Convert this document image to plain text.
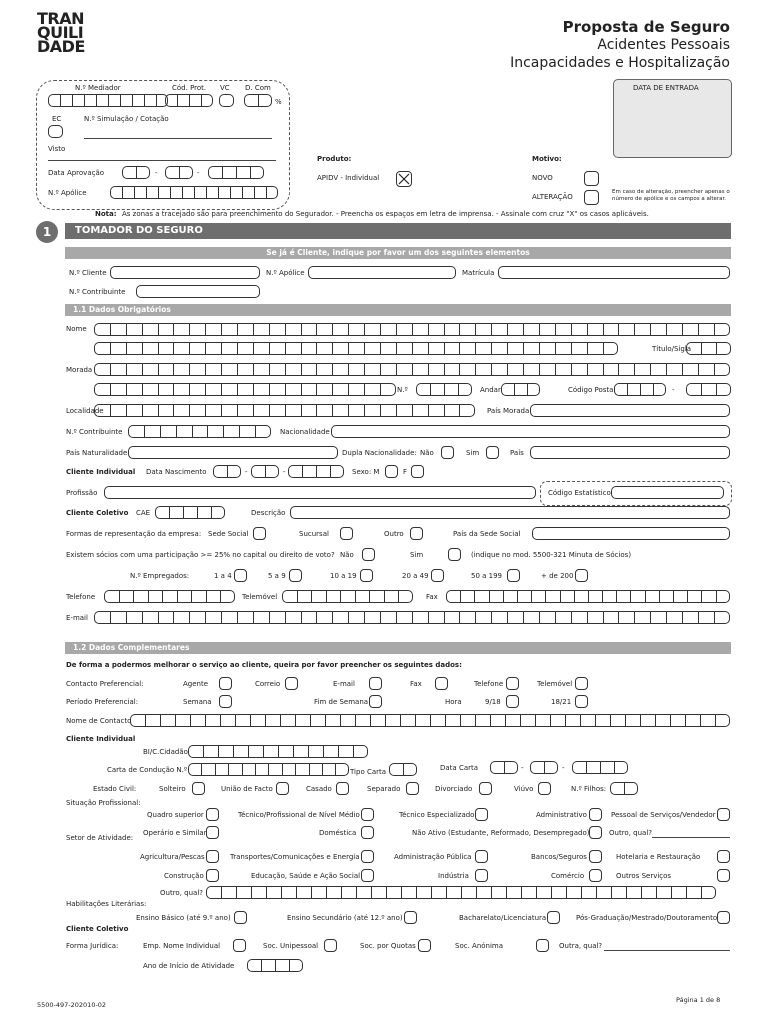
TRAN
QUILI
DADE
Proposta de Seguro
Acidentes Pessoais
Incapacidades e Hospitalização
N.º Mediador	Cód. Prot. VC D. Com
%
EC	N.º Simulação / Cotação
Visto
Data Aprovação	-	-
N.º Apólice
DATA DE ENTRADA
Produto:
APIDV - Individual
Motivo:
NOVO
ALTERAÇÃO
Em caso de alteração, preencher apenas o número de apólice e os campos a alterar.
Nota: As zonas a tracejado são para preenchimento do Segurador. - Preencha os espaços em letra de imprensa. - Assinale com cruz "X" os casos aplicáveis.
1	TOMADOR DO SEGURO
Se já é Cliente, indique por favor um dos seguintes elementos
N.º Cliente	N.º Apólice	Matrícula
N.º Contribuinte
1.1 Dados Obrigatórios
Nome
Título/Sigla
Morada
N.º	Andar	Código Postal	-
Localidade	País Morada
N.º Contribuinte	Nacionalidade
País Naturalidade	Dupla Nacionalidade: Não	Sim	País
Cliente Individual Data Nascimento	-	-	Sexo: M	F
Profissão	Código Estatístico
Cliente Coletivo CAE	Descrição
Formas de representação da empresa: Sede Social	Sucursal	Outro	País da Sede Social
Existem sócios com uma participação >= 25% no capital ou direito de voto? Não	Sim	(indique no mod. 5500-321 Minuta de Sócios)
N.º Empregados:	1 a 4	5 a 9	10 a 19	20 a 49	50 a 199	+ de 200
Telefone	Telemóvel	Fax
E-mail
1.2 Dados Complementares
De forma a podermos melhorar o serviço ao cliente, queira por favor preencher os seguintes dados:
Contacto Preferencial:	Agente	Correio	E-mail	Fax	Telefone	Telemóvel
Período Preferencial:	Semana	Fim de Semana	Hora	9/18	18/21
Nome de Contacto
Cliente Individual
BI/C.Cidadão
Carta de Condução N.º	Tipo Carta	Data Carta	-	-
Estado Civil:	Solteiro	União de Facto	Casado	Separado	Divorciado	Viúvo	N.º Filhos:
Situação Profissional:
Quadro superior	Técnico/Profissional de Nível Médio	Técnico Especializado	Administrativo	Pessoal de Serviços/Vendedor
Setor de Atividade:
Operário e Similar	Doméstica	Não Ativo (Estudante, Reformado, Desempregado)	Outro, qual?
Agricultura/Pescas	Transportes/Comunicações e Energia	Administração Pública	Bancos/Seguros	Hotelaria e Restauração
Construção	Educação, Saúde e Ação Social	Indústria	Comércio	Outros Serviços
Outro, qual?
Habilitações Literárias:
Ensino Básico (até 9.º ano)	Ensino Secundário (até 12.º ano)	Bacharelato/Licenciatura	Pós-Graduação/Mestrado/Doutoramento
Cliente Coletivo
Forma Jurídica:	Emp. Nome Individual	Soc. Unipessoal	Soc. por Quotas	Soc. Anónima	Outra, qual?
Ano de Início de Atividade
5500-497-202010-02
Página 1 de 8
